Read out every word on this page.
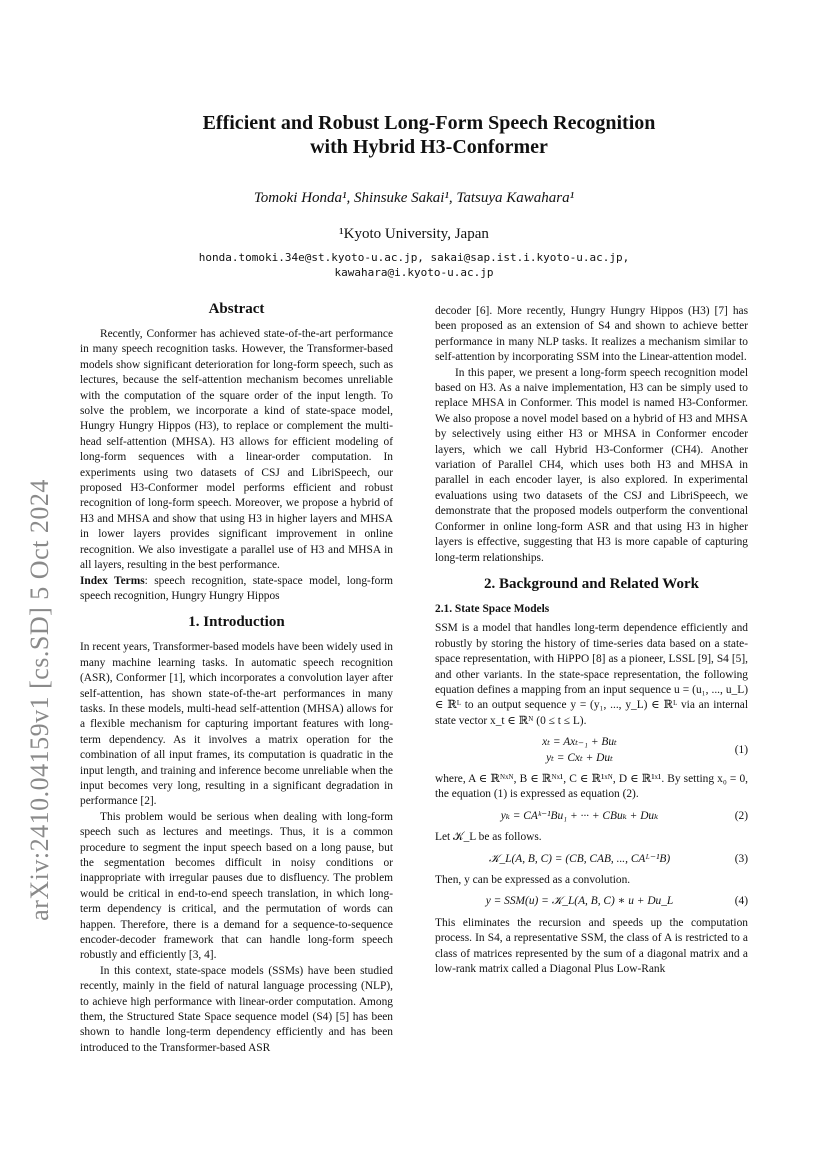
arXiv:2410.04159v1 [cs.SD] 5 Oct 2024
Efficient and Robust Long-Form Speech Recognition
with Hybrid H3-Conformer
Tomoki Honda¹, Shinsuke Sakai¹, Tatsuya Kawahara¹
¹Kyoto University, Japan
honda.tomoki.34e@st.kyoto-u.ac.jp, sakai@sap.ist.i.kyoto-u.ac.jp,
kawahara@i.kyoto-u.ac.jp
Abstract

Recently, Conformer has achieved state-of-the-art performance in many speech recognition tasks. However, the Transformer-based models show significant deterioration for long-form speech, such as lectures, because the self-attention mechanism becomes unreliable with the computation of the square order of the input length. To solve the problem, we incorporate a kind of state-space model, Hungry Hungry Hippos (H3), to replace or complement the multi-head self-attention (MHSA). H3 allows for efficient modeling of long-form sequences with a linear-order computation. In experiments using two datasets of CSJ and LibriSpeech, our proposed H3-Conformer model performs efficient and robust recognition of long-form speech. Moreover, we propose a hybrid of H3 and MHSA and show that using H3 in higher layers and MHSA in lower layers provides significant improvement in online recognition. We also investigate a parallel use of H3 and MHSA in all layers, resulting in the best performance.

Index Terms: speech recognition, state-space model, long-form speech recognition, Hungry Hungry Hippos

1. Introduction

In recent years, Transformer-based models have been widely used in many machine learning tasks. In automatic speech recognition (ASR), Conformer [1], which incorporates a convolution layer after self-attention, has shown state-of-the-art performances in many tasks. In these models, multi-head self-attention (MHSA) allows for a flexible mechanism for capturing important features with long-term dependency. As it involves a matrix operation for the combination of all input frames, its computation is quadratic in the input length, and training and inference become unreliable when the input becomes very long, resulting in a significant degradation in performance [2].

This problem would be serious when dealing with long-form speech such as lectures and meetings. Thus, it is a common procedure to segment the input speech based on a long pause, but the segmentation becomes difficult in noisy conditions or inappropriate with irregular pauses due to disfluency. The problem would be critical in end-to-end speech translation, in which long-term dependency is critical, and the permutation of words can happen. Therefore, there is a demand for a sequence-to-sequence encoder-decoder framework that can handle long-form speech robustly and efficiently [3, 4].

In this context, state-space models (SSMs) have been studied recently, mainly in the field of natural language processing (NLP), to achieve high performance with linear-order computation. Among them, the Structured State Space sequence model (S4) [5] has been shown to handle long-term dependency efficiently and has been introduced to the Transformer-based ASR

decoder [6]. More recently, Hungry Hungry Hippos (H3) [7] has been proposed as an extension of S4 and shown to achieve better performance in many NLP tasks. It realizes a mechanism similar to self-attention by incorporating SSM into the Linear-attention model.

In this paper, we present a long-form speech recognition model based on H3. As a naive implementation, H3 can be simply used to replace MHSA in Conformer. This model is named H3-Conformer. We also propose a novel model based on a hybrid of H3 and MHSA by selectively using either H3 or MHSA in Conformer encoder layers, which we call Hybrid H3-Conformer (CH4). Another variation of Parallel CH4, which uses both H3 and MHSA in parallel in each encoder layer, is also explored. In experimental evaluations using two datasets of the CSJ and LibriSpeech, we demonstrate that the proposed models outperform the conventional Conformer in online long-form ASR and that using H3 in higher layers is effective, suggesting that H3 is more capable of capturing long-term relationships.

2. Background and Related Work
2.1. State Space Models

SSM is a model that handles long-term dependence efficiently and robustly by storing the history of time-series data based on a state-space representation, with HiPPO [8] as a pioneer, LSSL [9], S4 [5], and other variants. In the state-space representation, the following equation defines a mapping from an input sequence u = (u₁, ..., u_L) ∈ ℝᴸ to an output sequence y = (y₁, ..., y_L) ∈ ℝᴸ via an internal state vector x_t ∈ ℝᴺ (0 ≤ t ≤ L).

xₜ = Axₜ₋₁ + Buₜ
yₜ = Cxₜ + Duₜ
(1)

where, A ∈ ℝᴺˣᴺ, B ∈ ℝᴺˣ¹, C ∈ ℝ¹ˣᴺ, D ∈ ℝ¹ˣ¹. By setting x₀ = 0, the equation (1) is expressed as equation (2).

yₖ = CAᵏ⁻¹Bu₁ + ··· + CBuₖ + Duₖ	(2)

Let 𝒦_L be as follows.

𝒦_L(A, B, C) = (CB, CAB, ..., CAᴸ⁻¹B)	(3)

Then, y can be expressed as a convolution.

y = SSM(u) = 𝒦_L(A, B, C) ∗ u + Du_L	(4)

This eliminates the recursion and speeds up the computation process. In S4, a representative SSM, the class of A is restricted to a class of matrices represented by the sum of a diagonal matrix and a low-rank matrix called a Diagonal Plus Low-Rank
